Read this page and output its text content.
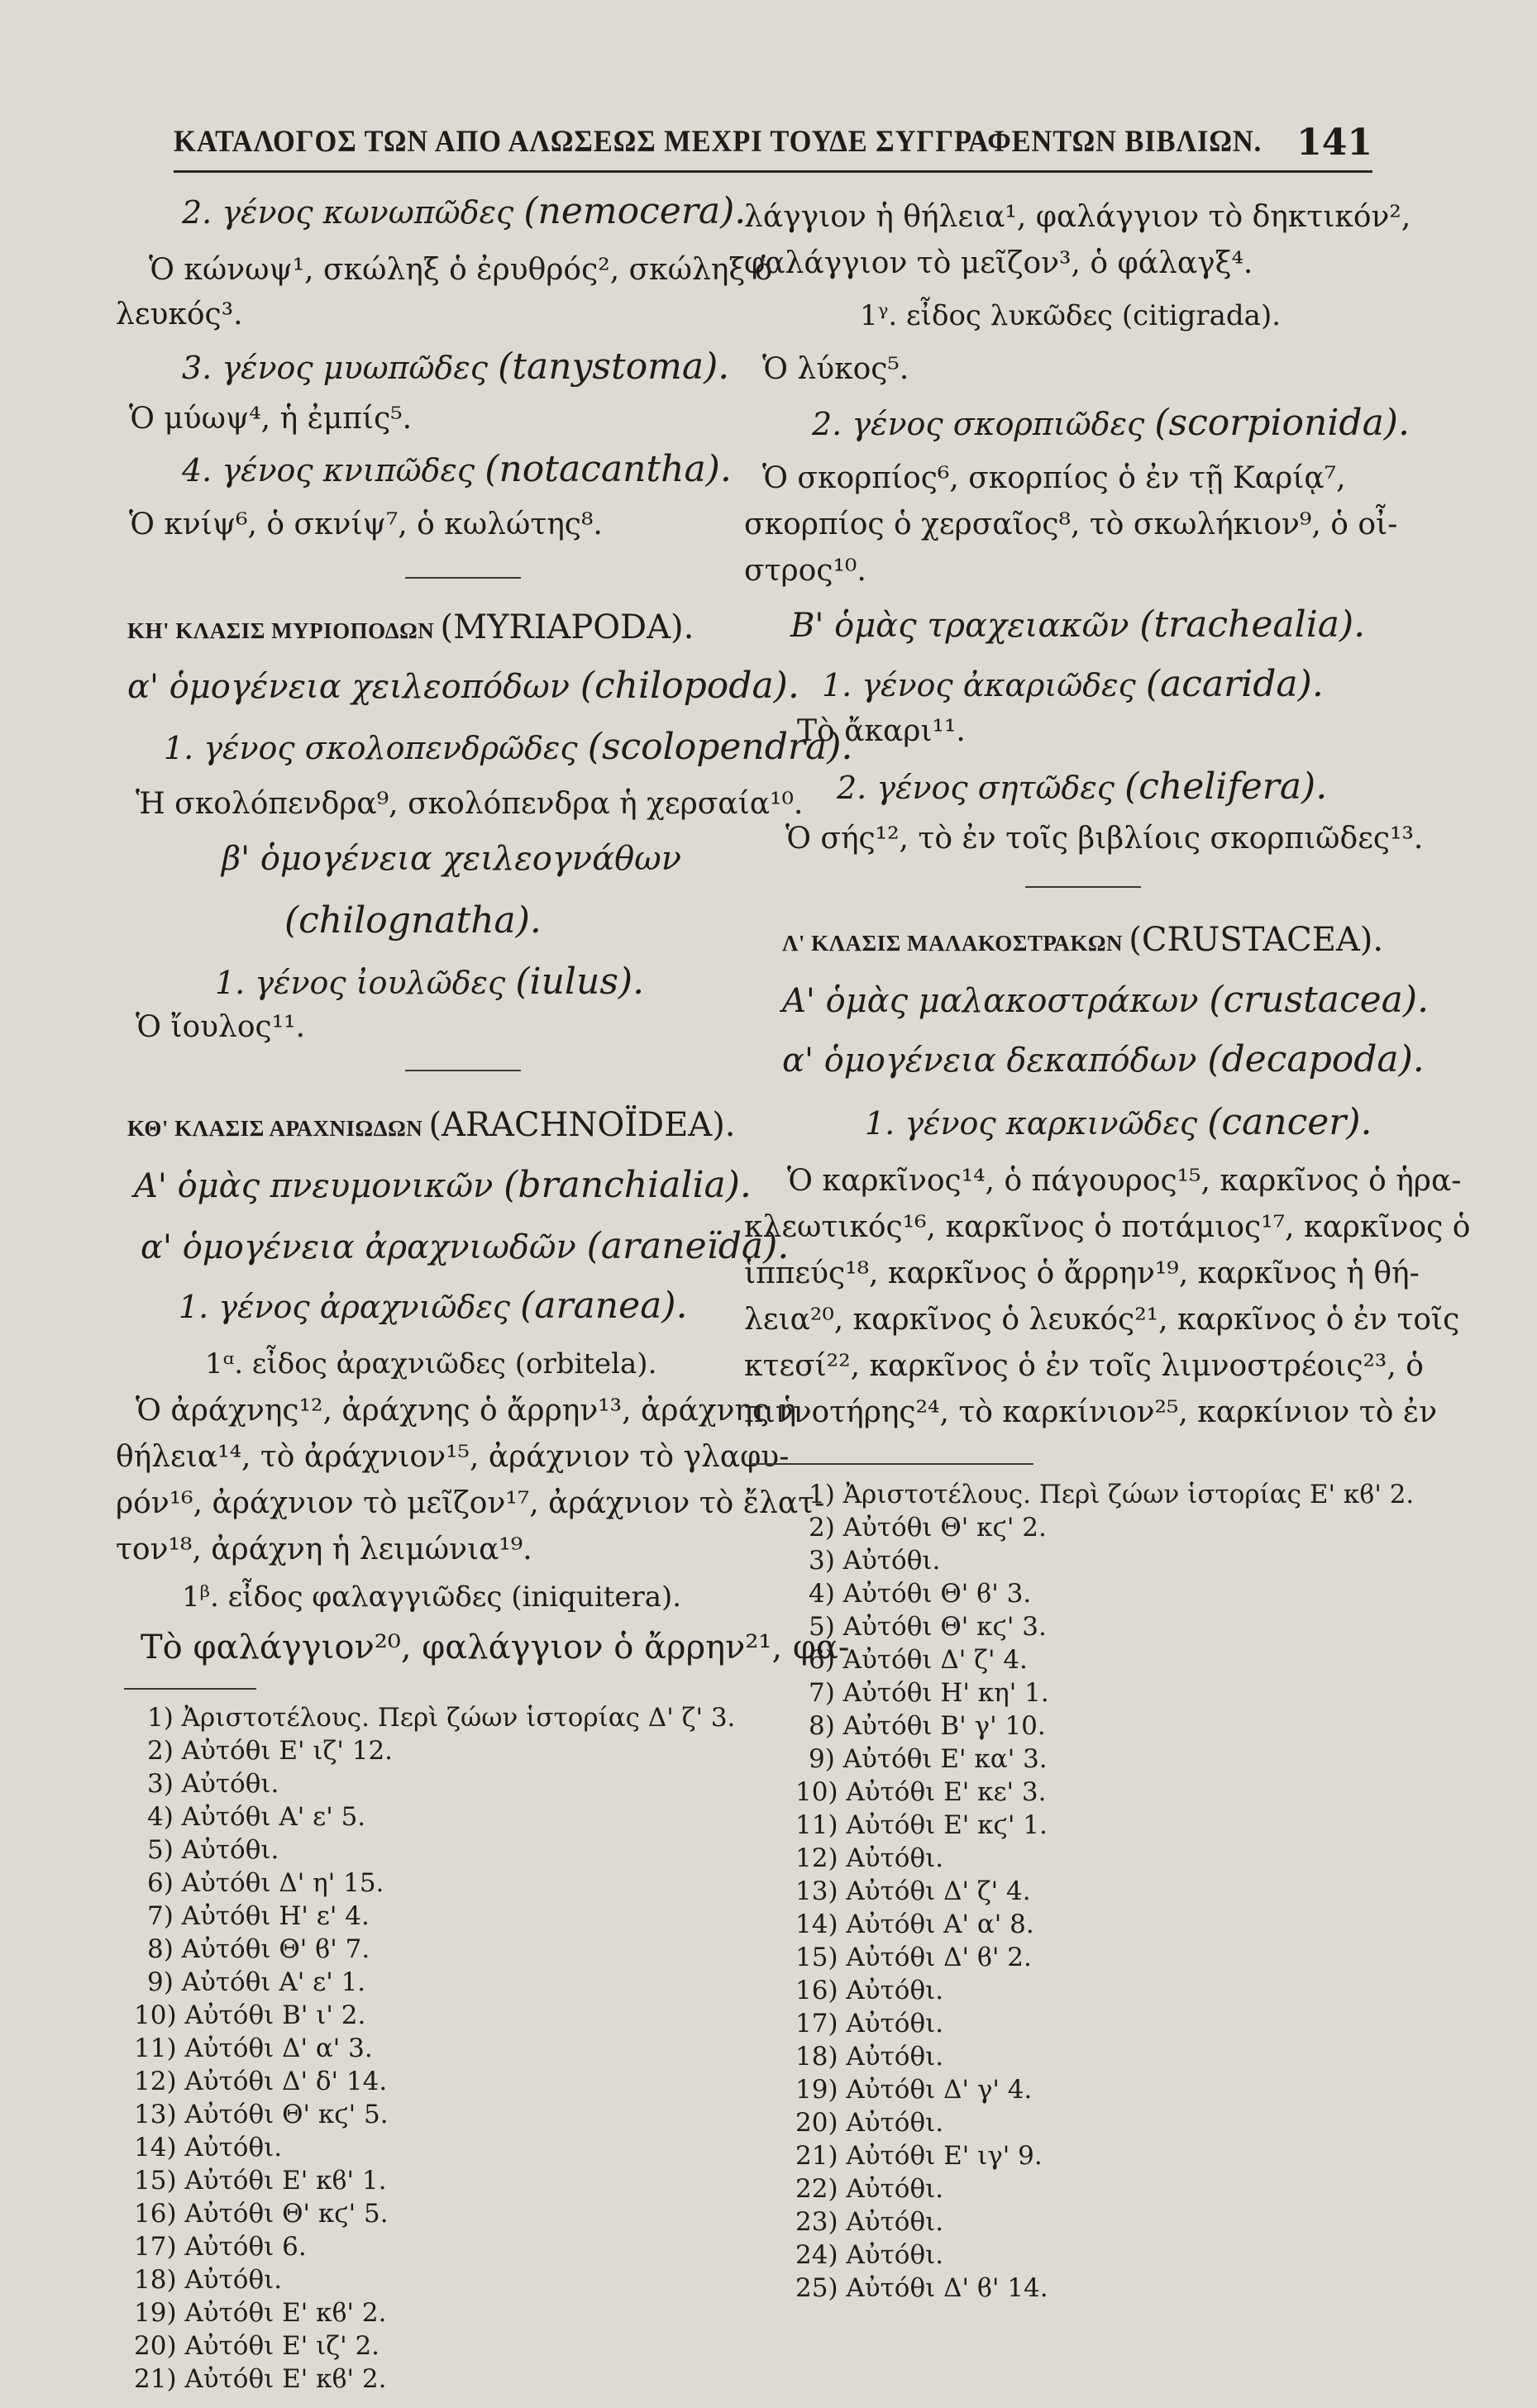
ΚΑΤΑΛΟΓΟΣ ΤΩΝ ΑΠΟ ΑΛΩΣΕΩΣ ΜΕΧΡΙ ΤΟΥΔΕ ΣΥΓΓΡΑΦΕΝΤΩΝ ΒΙΒΛΙΩΝ. 141
2. γένος κωνωπῶδες (nemocera).
Ὁ κώνωψ¹, σκώληξ ὁ ἐρυθρός², σκώληξ ὁ
λευκός³.
3. γένος μυωπῶδες (tanystoma).
Ὁ μύωψ⁴, ἡ ἐμπίς⁵.
4. γένος κνιπῶδες (notacantha).
Ὁ κνίψ⁶, ὁ σκνίψ⁷, ὁ κωλώτης⁸.
ΚΗ' ΚΛΑΣΙΣ ΜΥΡΙΟΠΟΔΩΝ (MYRIAPODA).
α' ὁμογένεια χειλεοπόδων (chilopoda).
1. γένος σκολοπενδρῶδες (scolopendra).
Ἡ σκολόπενδρα⁹, σκολόπενδρα ἡ χερσαία¹⁰.
β' ὁμογένεια χειλεογνάθων
(chilognatha).
1. γένος ἰουλῶδες (iulus).
Ὁ ἴουλος¹¹.
ΚΘ' ΚΛΑΣΙΣ ΑΡΑΧΝΙΩΔΩΝ (ARACHNOÏDEA).
Α' ὁμὰς πνευμονικῶν (branchialia).
α' ὁμογένεια ἀραχνιωδῶν (araneïda).
1. γένος ἀραχνιῶδες (aranea).
1ᵅ. εἶδος ἀραχνιῶδες (orbitela).
Ὁ ἀράχνης¹², ἀράχνης ὁ ἄρρην¹³, ἀράχνης ἡ
θήλεια¹⁴, τὸ ἀράχνιον¹⁵, ἀράχνιον τὸ γλαφυ-
ρόν¹⁶, ἀράχνιον τὸ μεῖζον¹⁷, ἀράχνιον τὸ ἔλατ-
τον¹⁸, ἀράχνη ἡ λειμώνια¹⁹.
1ᵝ. εἶδος φαλαγγιῶδες (iniquitera).
Τὸ φαλάγγιον²⁰, φαλάγγιον ὁ ἄρρην²¹, φα-
1) Ἀριστοτέλους. Περὶ ζώων ἱστορίας Δ' ζ' 3.
2) Αὐτόθι Ε' ιζ' 12.
3) Αὐτόθι.
4) Αὐτόθι Α' ε' 5.
5) Αὐτόθι.
6) Αὐτόθι Δ' η' 15.
7) Αὐτόθι Η' ε' 4.
8) Αὐτόθι Θ' ϐ' 7.
9) Αὐτόθι Α' ε' 1.
10) Αὐτόθι Β' ι' 2.
11) Αὐτόθι Δ' α' 3.
12) Αὐτόθι Δ' δ' 14.
13) Αὐτόθι Θ' κϛ' 5.
14) Αὐτόθι.
15) Αὐτόθι Ε' κϐ' 1.
16) Αὐτόθι Θ' κϛ' 5.
17) Αὐτόθι 6.
18) Αὐτόθι.
19) Αὐτόθι Ε' κϐ' 2.
20) Αὐτόθι Ε' ιζ' 2.
21) Αὐτόθι Ε' κϐ' 2.
λάγγιον ἡ θήλεια¹, φαλάγγιον τὸ δηκτικόν²,
φαλάγγιον τὸ μεῖζον³, ὁ φάλαγξ⁴.
1ᵞ. εἶδος λυκῶδες (citigrada).
Ὁ λύκος⁵.
2. γένος σκορπιῶδες (scorpionida).
Ὁ σκορπίος⁶, σκορπίος ὁ ἐν τῇ Καρίᾳ⁷,
σκορπίος ὁ χερσαῖος⁸, τὸ σκωλήκιον⁹, ὁ οἶ-
στρος¹⁰.
Β' ὁμὰς τραχειακῶν (trachealia).
1. γένος ἀκαριῶδες (acarida).
Τὸ ἄκαρι¹¹.
2. γένος σητῶδες (chelifera).
Ὁ σής¹², τὸ ἐν τοῖς βιβλίοις σκορπιῶδες¹³.
Λ' ΚΛΑΣΙΣ ΜΑΛΑΚΟΣΤΡΑΚΩΝ (CRUSTACEA).
Α' ὁμὰς μαλακοστράκων (crustacea).
α' ὁμογένεια δεκαπόδων (decapoda).
1. γένος καρκινῶδες (cancer).
Ὁ καρκῖνος¹⁴, ὁ πάγουρος¹⁵, καρκῖνος ὁ ἡρα-
κλεωτικός¹⁶, καρκῖνος ὁ ποτάμιος¹⁷, καρκῖνος ὁ
ἱππεύς¹⁸, καρκῖνος ὁ ἄρρην¹⁹, καρκῖνος ἡ θή-
λεια²⁰, καρκῖνος ὁ λευκός²¹, καρκῖνος ὁ ἐν τοῖς
κτεσί²², καρκῖνος ὁ ἐν τοῖς λιμνοστρέοις²³, ὁ
πιννοτήρης²⁴, τὸ καρκίνιον²⁵, καρκίνιον τὸ ἐν
1) Ἀριστοτέλους. Περὶ ζώων ἱστορίας Ε' κϐ' 2.
2) Αὐτόθι Θ' κϛ' 2.
3) Αὐτόθι.
4) Αὐτόθι Θ' ϐ' 3.
5) Αὐτόθι Θ' κϛ' 3.
6) Αὐτόθι Δ' ζ' 4.
7) Αὐτόθι Η' κη' 1.
8) Αὐτόθι Β' γ' 10.
9) Αὐτόθι Ε' κα' 3.
10) Αὐτόθι Ε' κε' 3.
11) Αὐτόθι Ε' κϛ' 1.
12) Αὐτόθι.
13) Αὐτόθι Δ' ζ' 4.
14) Αὐτόθι Α' α' 8.
15) Αὐτόθι Δ' ϐ' 2.
16) Αὐτόθι.
17) Αὐτόθι.
18) Αὐτόθι.
19) Αὐτόθι Δ' γ' 4.
20) Αὐτόθι.
21) Αὐτόθι Ε' ιγ' 9.
22) Αὐτόθι.
23) Αὐτόθι.
24) Αὐτόθι.
25) Αὐτόθι Δ' ϐ' 14.
